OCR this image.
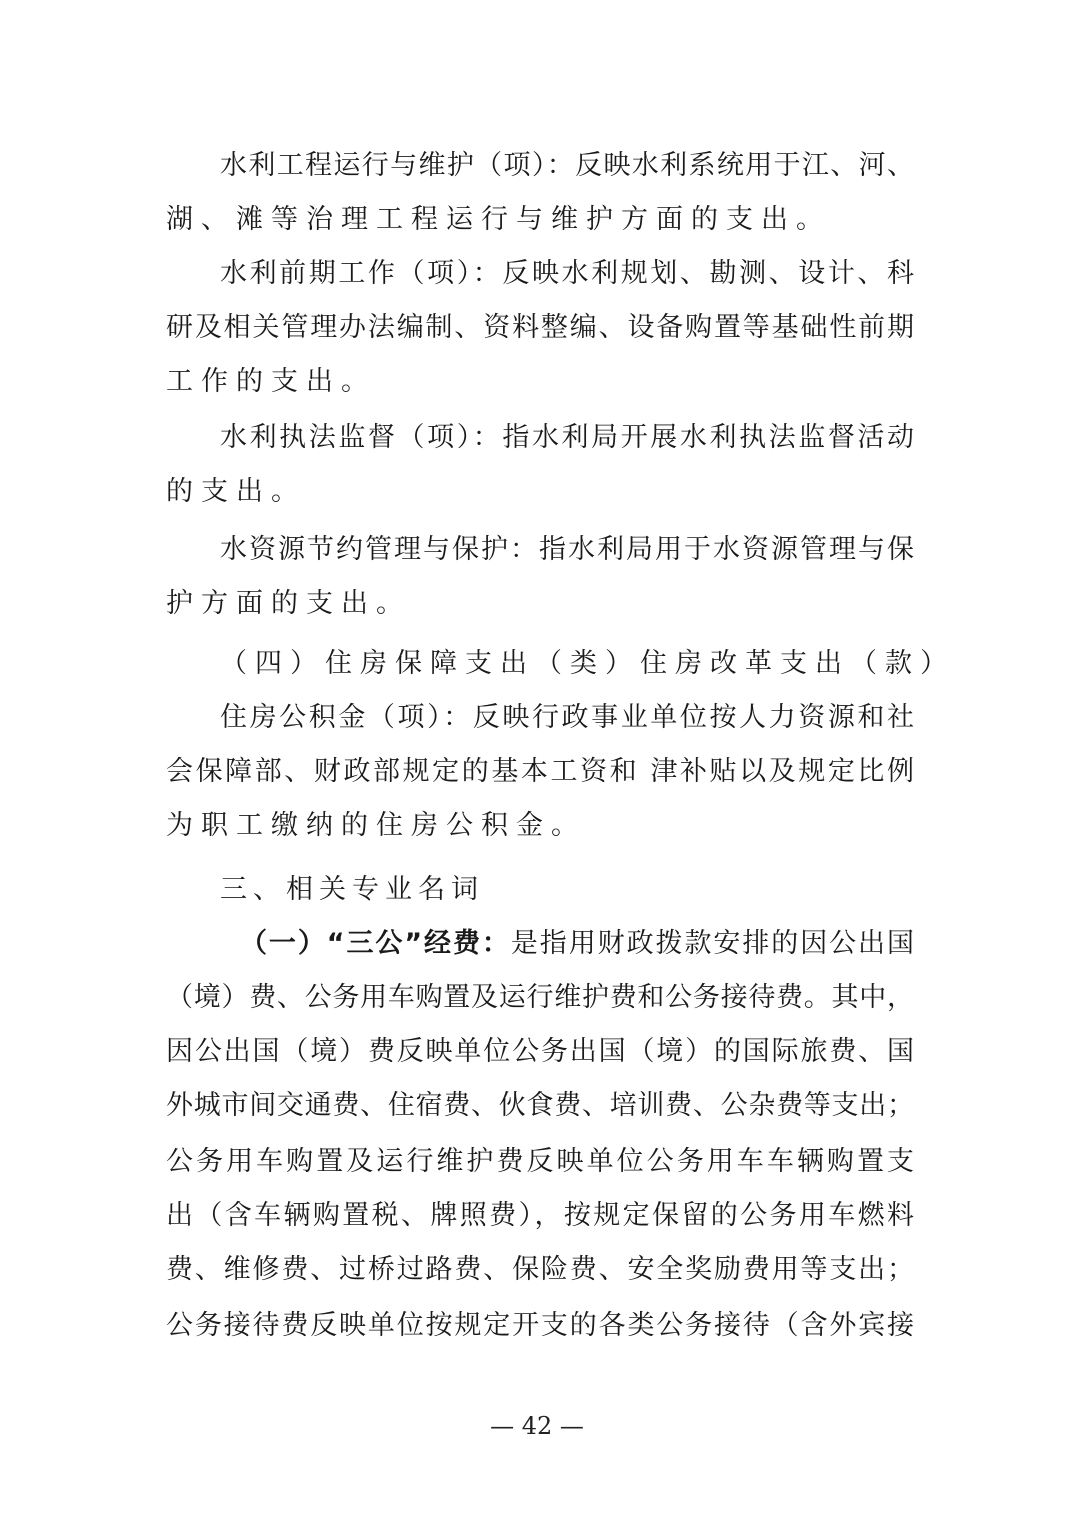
水利工程运行与维护（项）：反映水利系统用于江、河、
湖、滩等治理工程运行与维护方面的支出。
水利前期工作（项）：反映水利规划、勘测、设计、科
研及相关管理办法编制、资料整编、设备购置等基础性前期
工作的支出。
水利执法监督（项）：指水利局开展水利执法监督活动
的支出。
水资源节约管理与保护：指水利局用于水资源管理与保
护方面的支出。
（四）住房保障支出（类）住房改革支出（款）
住房公积金（项）：反映行政事业单位按人力资源和社
会保障部、财政部规定的基本工资和 津补贴以及规定比例
为职工缴纳的住房公积金。
三、相关专业名词
（一）“三公”经费：是指用财政拨款安排的因公出国
（境）费、公务用车购置及运行维护费和公务接待费。其中，
因公出国（境）费反映单位公务出国（境）的国际旅费、国
外城市间交通费、住宿费、伙食费、培训费、公杂费等支出；
公务用车购置及运行维护费反映单位公务用车车辆购置支
出（含车辆购置税、牌照费），按规定保留的公务用车燃料
费、维修费、过桥过路费、保险费、安全奖励费用等支出；
公务接待费反映单位按规定开支的各类公务接待（含外宾接
— 42 —
